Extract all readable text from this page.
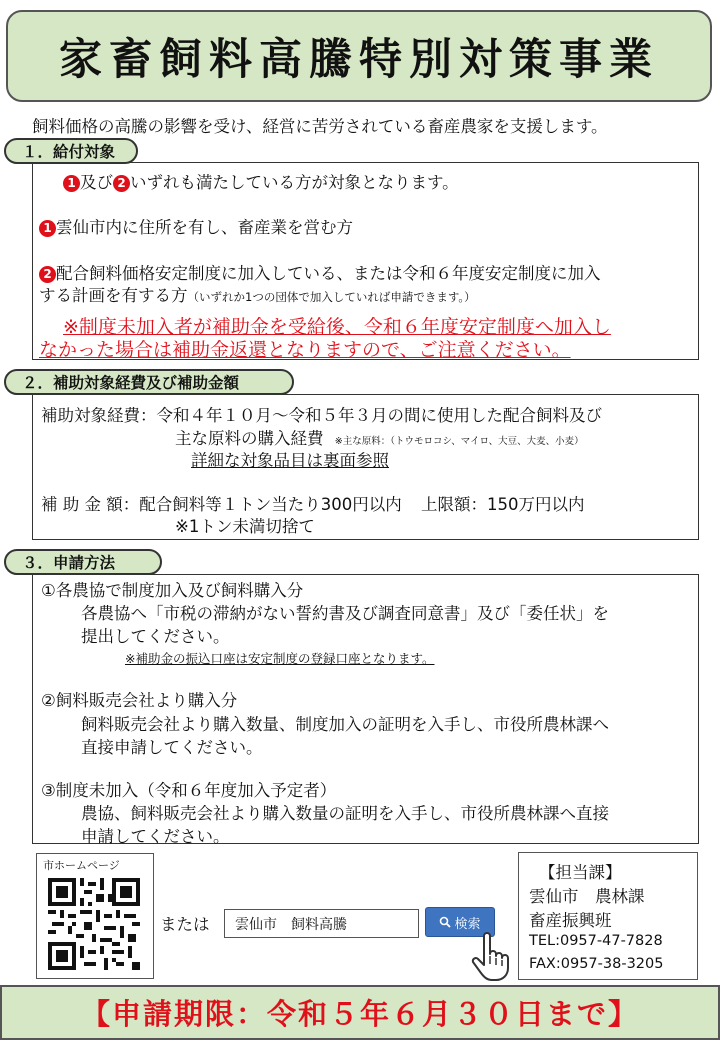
家畜飼料高騰特別対策事業
飼料価格の高騰の影響を受け、経営に苦労されている畜産農家を支援します。
1 及び 2 いずれも満たしている方が対象となります。
1 雲仙市内に住所を有し、畜産業を営む方
2 配合飼料価格安定制度に加入している、または令和６年度安定制度に加入
する計画を有する方（いずれか1つの団体で加入していれば申請できます。）
※制度未加入者が補助金を受給後、令和６年度安定制度へ加入し
なかった場合は補助金返還となりますので、ご注意ください。
１．給付対象
補助対象経費：令和４年１０月～令和５年３月の間に使用した配合飼料及び
主な原料の購入経費 ※主な原料：（トウモロコシ、マイロ、大豆、大麦、小麦）
詳細な対象品目は裏面参照
補 助 金 額：配合飼料等１トン当たり300円以内 上限額：150万円以内
※1トン未満切捨て
２．補助対象経費及び補助金額
①各農協で制度加入及び飼料購入分
各農協へ「市税の滞納がない誓約書及び調査同意書」及び「委任状」を
提出してください。
※補助金の振込口座は安定制度の登録口座となります。
②飼料販売会社より購入分
飼料販売会社より購入数量、制度加入の証明を入手し、市役所農林課へ
直接申請してください。
③制度未加入（令和６年度加入予定者）
農協、飼料販売会社より購入数量の証明を入手し、市役所農林課へ直接
申請してください。
３．申請方法
市ホームページ
または 雲仙市　飼料高騰	検索
【担当課】
雲仙市　農林課
畜産振興班
TEL:0957-47-7828
FAX:0957-38-3205
【申請期限：令和５年６月３０日まで】
